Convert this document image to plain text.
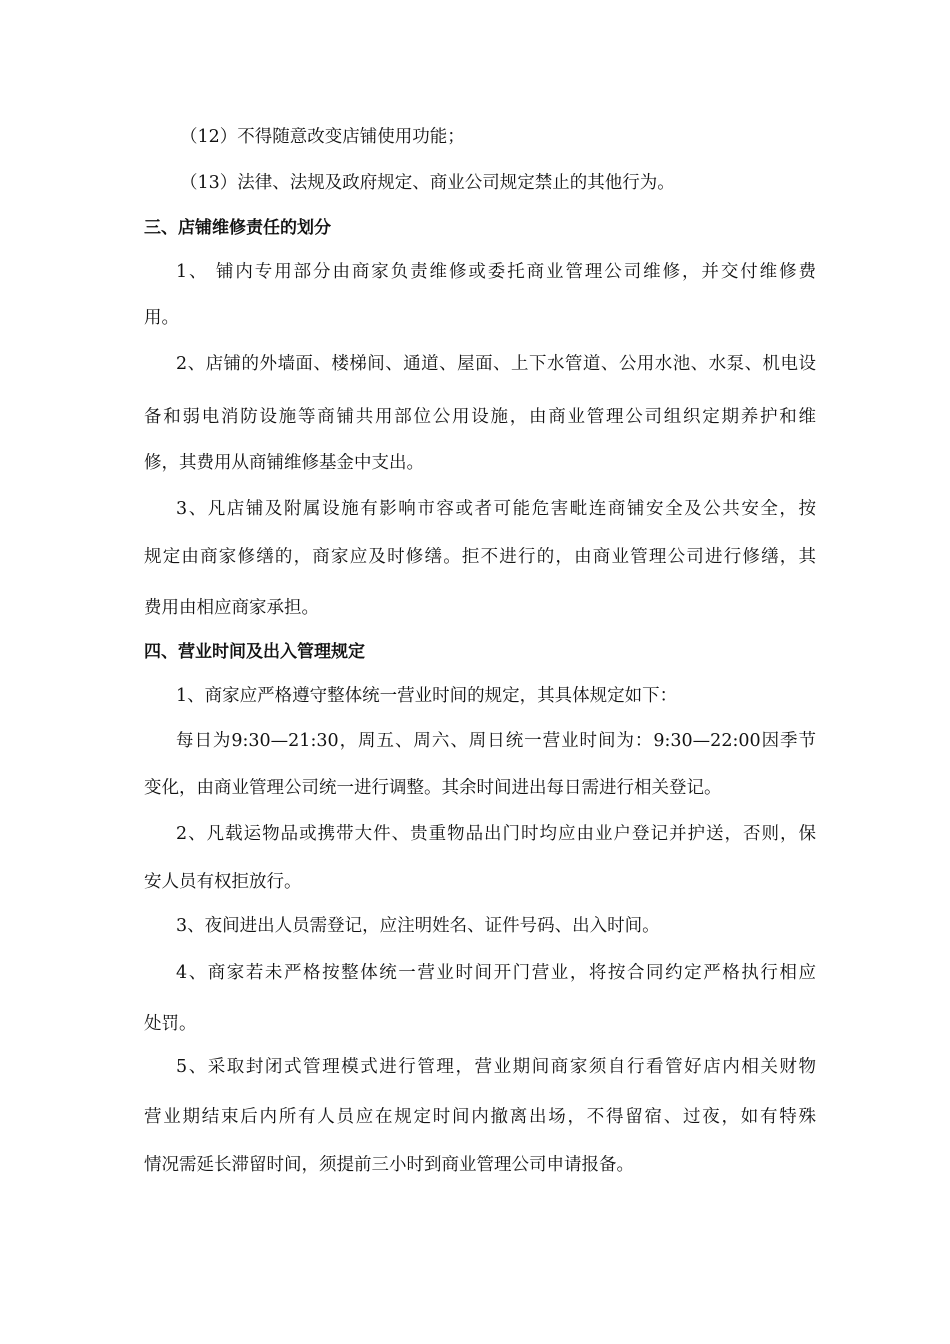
（12）不得随意改变店铺使用功能；
（13）法律、法规及政府规定、商业公司规定禁止的其他行为。
三、店铺维修责任的划分
1、 铺内专用部分由商家负责维修或委托商业管理公司维修，并交付维修费
用。
2、店铺的外墙面、楼梯间、通道、屋面、上下水管道、公用水池、水泵、机电设
备和弱电消防设施等商铺共用部位公用设施，由商业管理公司组织定期养护和维
修，其费用从商铺维修基金中支出。
3、凡店铺及附属设施有影响市容或者可能危害毗连商铺安全及公共安全，按
规定由商家修缮的，商家应及时修缮。拒不进行的，由商业管理公司进行修缮，其
费用由相应商家承担。
四、营业时间及出入管理规定
1、商家应严格遵守整体统一营业时间的规定，其具体规定如下：
每日为9:30—21:30，周五、周六、周日统一营业时间为：9:30—22:00因季节
变化，由商业管理公司统一进行调整。其余时间进出每日需进行相关登记。
2、凡载运物品或携带大件、贵重物品出门时均应由业户登记并护送，否则，保
安人员有权拒放行。
3、夜间进出人员需登记，应注明姓名、证件号码、出入时间。
4、商家若未严格按整体统一营业时间开门营业，将按合同约定严格执行相应
处罚。
5、采取封闭式管理模式进行管理，营业期间商家须自行看管好店内相关财物
营业期结束后内所有人员应在规定时间内撤离出场，不得留宿、过夜，如有特殊
情况需延长滞留时间，须提前三小时到商业管理公司申请报备。
